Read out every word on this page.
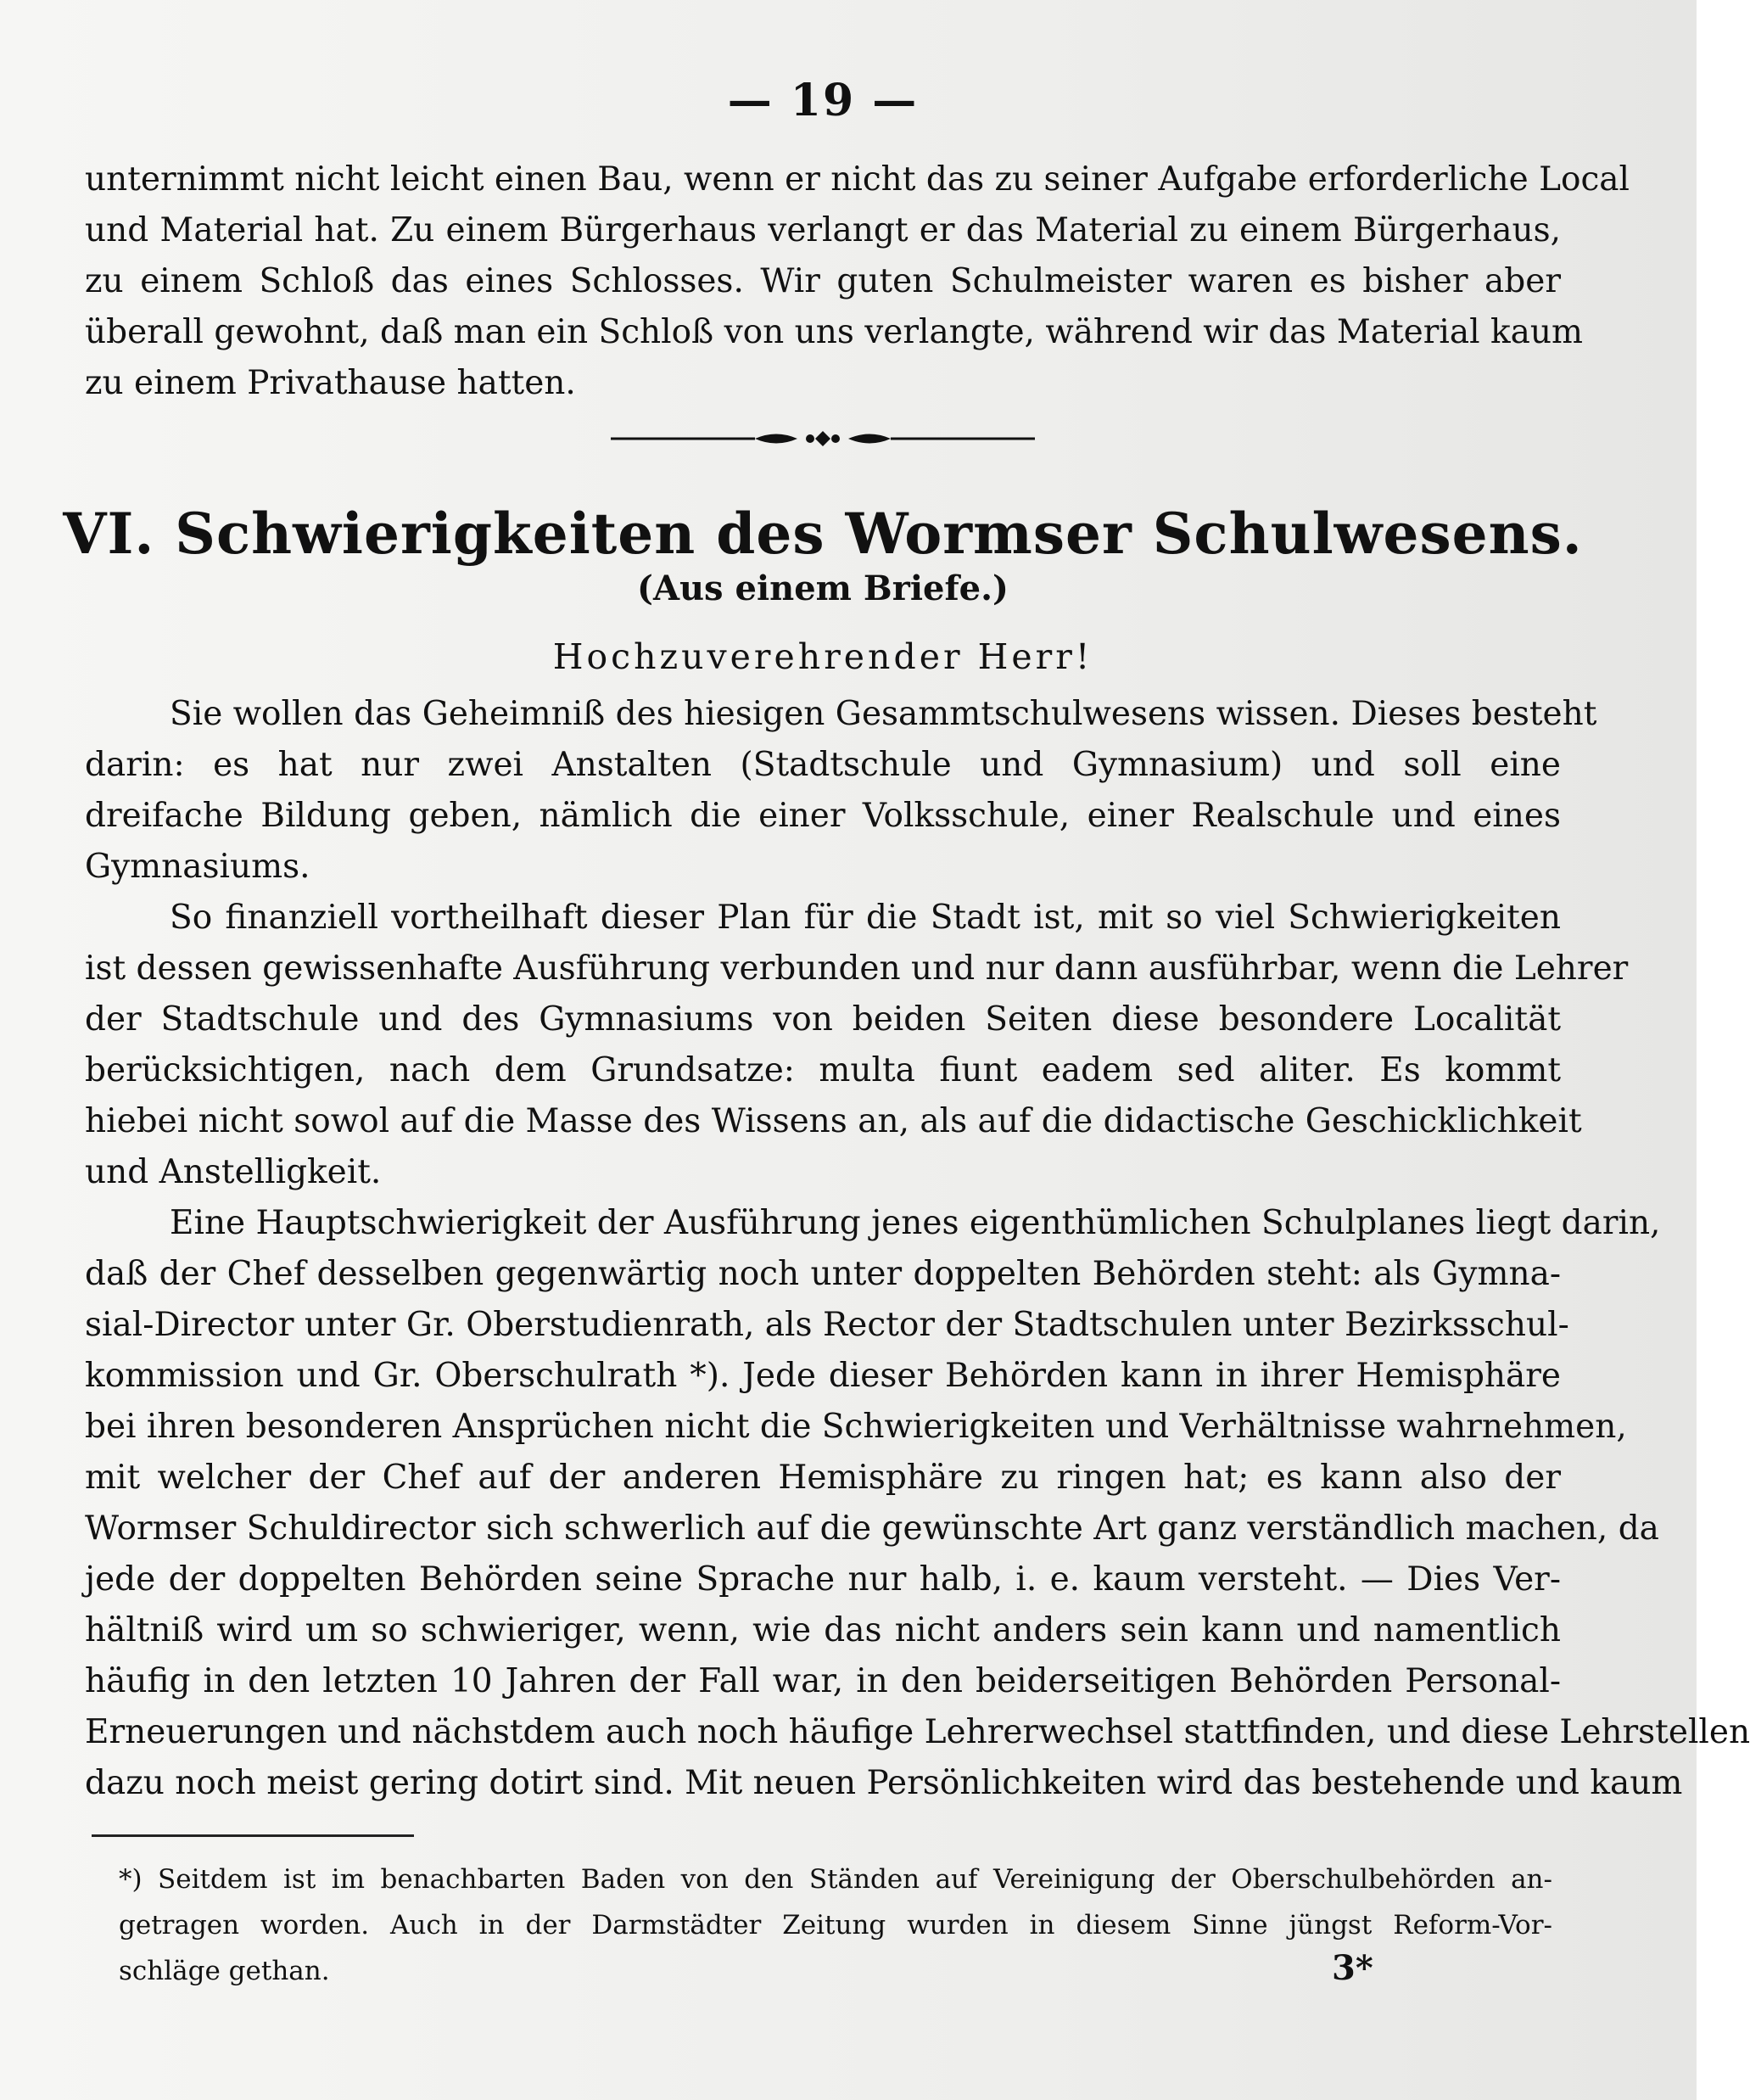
— 19 —
unternimmt nicht leicht einen Bau, wenn er nicht das zu seiner Aufgabe erforderliche Local
und Material hat. Zu einem Bürgerhaus verlangt er das Material zu einem Bürgerhaus,
zu einem Schloß das eines Schlosses. Wir guten Schulmeister waren es bisher aber
überall gewohnt, daß man ein Schloß von uns verlangte, während wir das Material kaum
zu einem Privathause hatten.
VI. Schwierigkeiten des Wormser Schulwesens.
(Aus einem Briefe.)
Hochzuverehrender Herr!
Sie wollen das Geheimniß des hiesigen Gesammtschulwesens wissen. Dieses besteht
darin: es hat nur zwei Anstalten (Stadtschule und Gymnasium) und soll eine
dreifache Bildung geben, nämlich die einer Volksschule, einer Realschule und eines
Gymnasiums.
So finanziell vortheilhaft dieser Plan für die Stadt ist, mit so viel Schwierigkeiten
ist dessen gewissenhafte Ausführung verbunden und nur dann ausführbar, wenn die Lehrer
der Stadtschule und des Gymnasiums von beiden Seiten diese besondere Localität
berücksichtigen, nach dem Grundsatze: multa fiunt eadem sed aliter. Es kommt
hiebei nicht sowol auf die Masse des Wissens an, als auf die didactische Geschicklichkeit
und Anstelligkeit.
Eine Hauptschwierigkeit der Ausführung jenes eigenthümlichen Schulplanes liegt darin,
daß der Chef desselben gegenwärtig noch unter doppelten Behörden steht: als Gymna-
sial-Director unter Gr. Oberstudienrath, als Rector der Stadtschulen unter Bezirksschul-
kommission und Gr. Oberschulrath *). Jede dieser Behörden kann in ihrer Hemisphäre
bei ihren besonderen Ansprüchen nicht die Schwierigkeiten und Verhältnisse wahrnehmen,
mit welcher der Chef auf der anderen Hemisphäre zu ringen hat; es kann also der
Wormser Schuldirector sich schwerlich auf die gewünschte Art ganz verständlich machen, da
jede der doppelten Behörden seine Sprache nur halb, i. e. kaum versteht. — Dies Ver-
hältniß wird um so schwieriger, wenn, wie das nicht anders sein kann und namentlich
häufig in den letzten 10 Jahren der Fall war, in den beiderseitigen Behörden Personal-
Erneuerungen und nächstdem auch noch häufige Lehrerwechsel stattfinden, und diese Lehrstellen
dazu noch meist gering dotirt sind. Mit neuen Persönlichkeiten wird das bestehende und kaum
*) Seitdem ist im benachbarten Baden von den Ständen auf Vereinigung der Oberschulbehörden an-
getragen worden. Auch in der Darmstädter Zeitung wurden in diesem Sinne jüngst Reform-Vor-
schläge gethan.	3*
